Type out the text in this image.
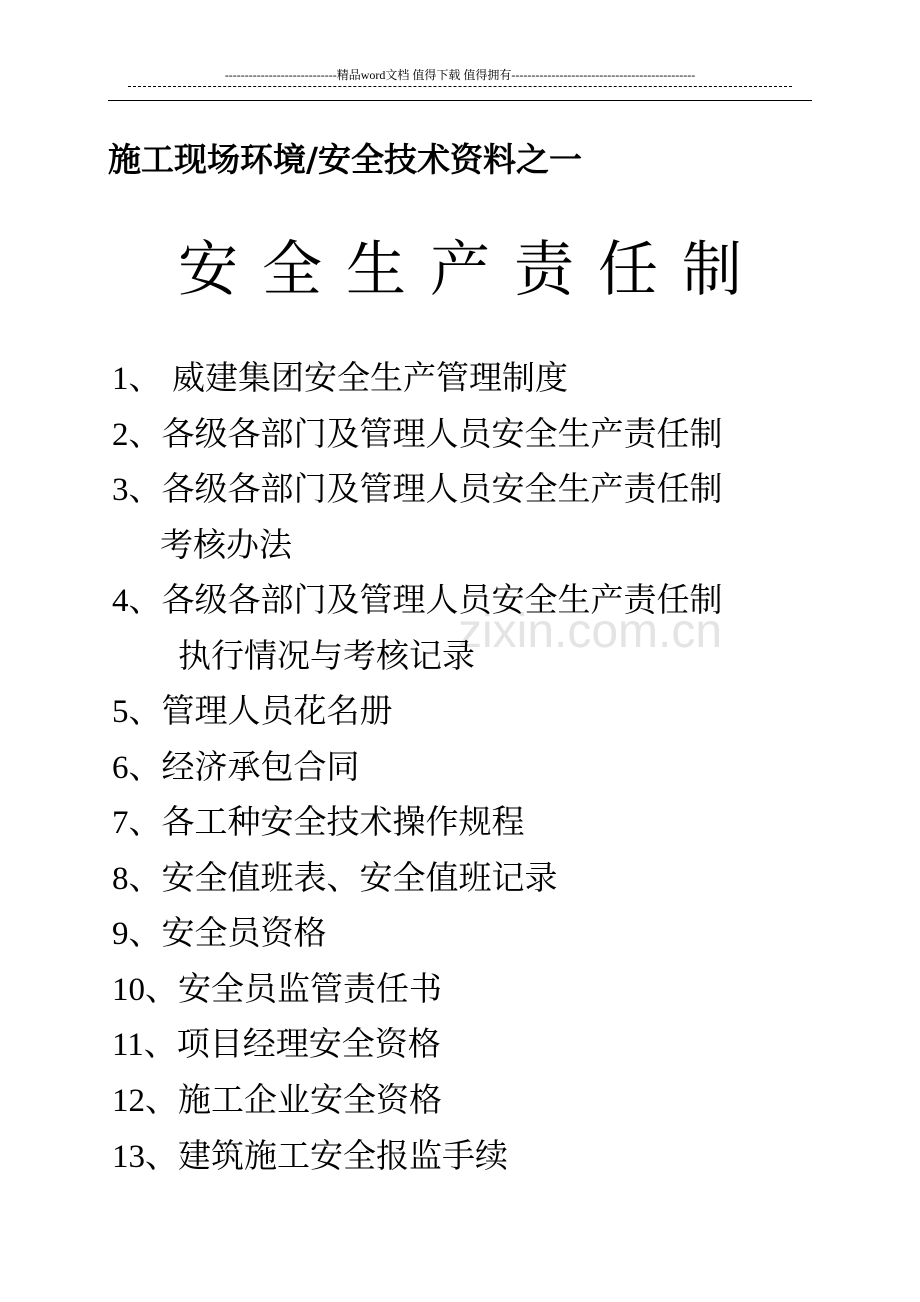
----------------------------精品word文档 值得下载 值得拥有----------------------------------------------
施工现场环境/安全技术资料之一
安全生产责任制
zixin.com.cn
1、 威建集团安全生产管理制度
2、各级各部门及管理人员安全生产责任制
3、各级各部门及管理人员安全生产责任制
考核办法
4、各级各部门及管理人员安全生产责任制
执行情况与考核记录
5、管理人员花名册
6、经济承包合同
7、各工种安全技术操作规程
8、安全值班表、安全值班记录
9、安全员资格
10、安全员监管责任书
11、项目经理安全资格
12、施工企业安全资格
13、建筑施工安全报监手续
